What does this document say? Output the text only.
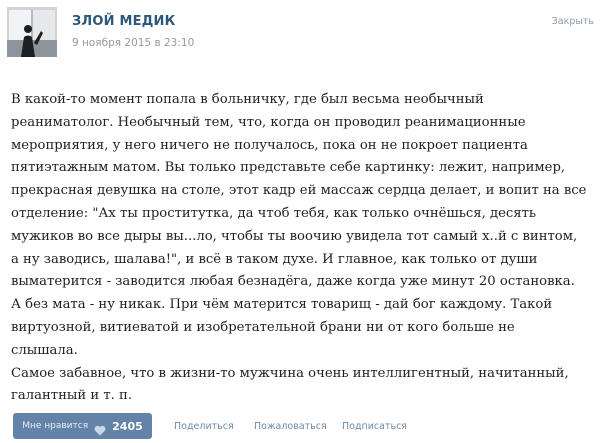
ЗЛОЙ МЕДИК
9 ноября 2015 в 23:10
Закрыть

В какой-то момент попала в больничку, где был весьма необычный

реаниматолог. Необычный тем, что, когда он проводил реанимационные

мероприятия, у него ничего не получалось, пока он не покроет пациента

пятиэтажным матом. Вы только представьте себе картинку: лежит, например,

прекрасная девушка на столе, этот кадр ей массаж сердца делает, и вопит на все

отделение: "Ах ты проститутка, да чтоб тебя, как только очнёшься, десять

мужиков во все дыры вы...ло, чтобы ты воочию увидела тот самый х..й с винтом,

а ну заводись, шалава!", и всё в таком духе. И главное, как только от души

выматерится - заводится любая безнадёга, даже когда уже минут 20 остановка.

А без мата - ну никак. При чём матерится товарищ - дай бог каждому. Такой

виртуозной, витиеватой и изобретательной брани ни от кого больше не

слышала.

Самое забавное, что в жизни-то мужчина очень интеллигентный, начитанный,

галантный и т. п.

Мне нравится 2405	Поделиться Пожаловаться Подписаться
